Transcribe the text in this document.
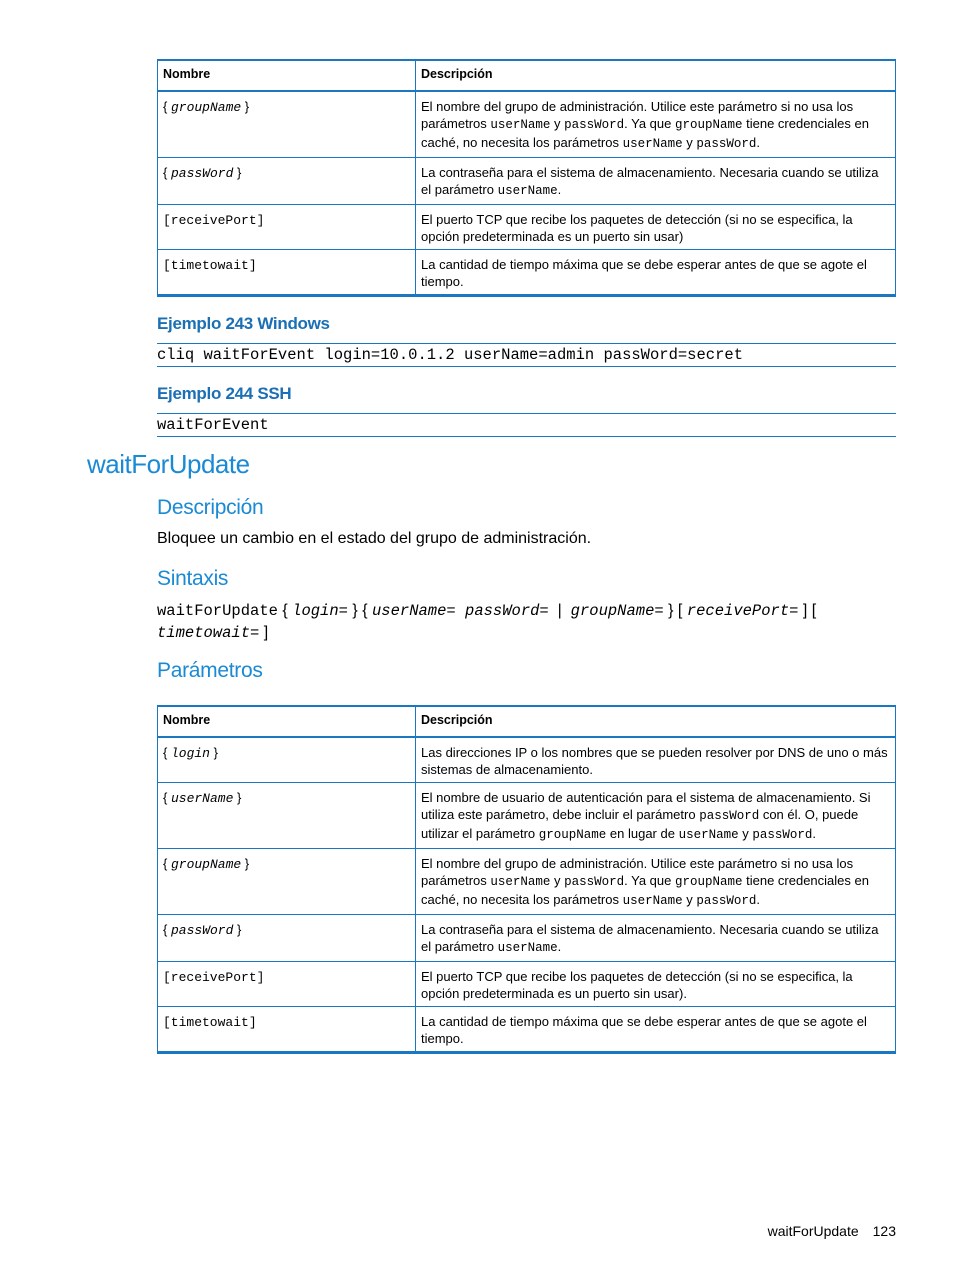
Nombre	Descripción
{ groupName }	El nombre del grupo de administración. Utilice este parámetro si no usa los parámetros userName y passWord. Ya que groupName tiene credenciales en caché, no necesita los parámetros userName y passWord.
{ passWord }	La contraseña para el sistema de almacenamiento. Necesaria cuando se utiliza el parámetro userName.
[receivePort]	El puerto TCP que recibe los paquetes de detección (si no se especifica, la opción predeterminada es un puerto sin usar)
[timetowait]	La cantidad de tiempo máxima que se debe esperar antes de que se agote el tiempo.
Ejemplo 243 Windows
cliq waitForEvent login=10.0.1.2 userName=admin passWord=secret
Ejemplo 244 SSH
waitForEvent
waitForUpdate
Descripción
Bloquee un cambio en el estado del grupo de administración.
Sintaxis
waitForUpdate { login= } { userName= passWord=  |  groupName= } [ receivePort= ] [ timetowait= ]
Parámetros
Nombre	Descripción
{ login }	Las direcciones IP o los nombres que se pueden resolver por DNS de uno o más sistemas de almacenamiento.
{ userName }	El nombre de usuario de autenticación para el sistema de almacenamiento. Si utiliza este parámetro, debe incluir el parámetro passWord con él. O, puede utilizar el parámetro groupName en lugar de userName y passWord.
{ groupName }	El nombre del grupo de administración. Utilice este parámetro si no usa los parámetros userName y passWord. Ya que groupName tiene credenciales en caché, no necesita los parámetros userName y passWord.
{ passWord }	La contraseña para el sistema de almacenamiento. Necesaria cuando se utiliza el parámetro userName.
[receivePort]	El puerto TCP que recibe los paquetes de detección (si no se especifica, la opción predeterminada es un puerto sin usar).
[timetowait]	La cantidad de tiempo máxima que se debe esperar antes de que se agote el tiempo.
waitForUpdate 123
